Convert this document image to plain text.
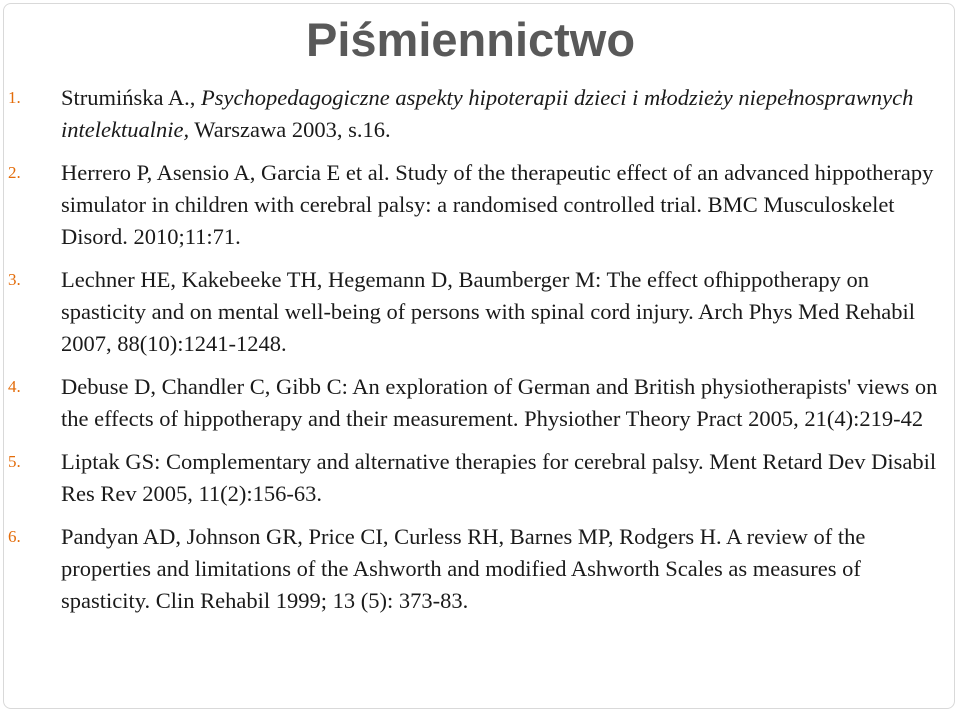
Piśmiennictwo
1. Strumińska A., Psychopedagogiczne aspekty hipoterapii dzieci i młodzieży niepełnosprawnych intelektualnie, Warszawa 2003, s.16.
2. Herrero P, Asensio A, Garcia E et al. Study of the therapeutic effect of an advanced hippotherapy simulator in children with cerebral palsy: a randomised controlled trial. BMC Musculoskelet Disord. 2010;11:71.
3. Lechner HE, Kakebeeke TH, Hegemann D, Baumberger M: The effect ofhippotherapy on spasticity and on mental well-being of persons with spinal cord injury. Arch Phys Med Rehabil 2007, 88(10):1241-1248.
4. Debuse D, Chandler C, Gibb C: An exploration of German and British physiotherapists' views on the effects of hippotherapy and their measurement. Physiother Theory Pract 2005, 21(4):219-42
5. Liptak GS: Complementary and alternative therapies for cerebral palsy. Ment Retard Dev Disabil Res Rev 2005, 11(2):156-63.
6. Pandyan AD, Johnson GR, Price CI, Curless RH, Barnes MP, Rodgers H. A review of the properties and limitations of the Ashworth and modified Ashworth Scales as measures of spasticity. Clin Rehabil 1999; 13 (5): 373-83.
